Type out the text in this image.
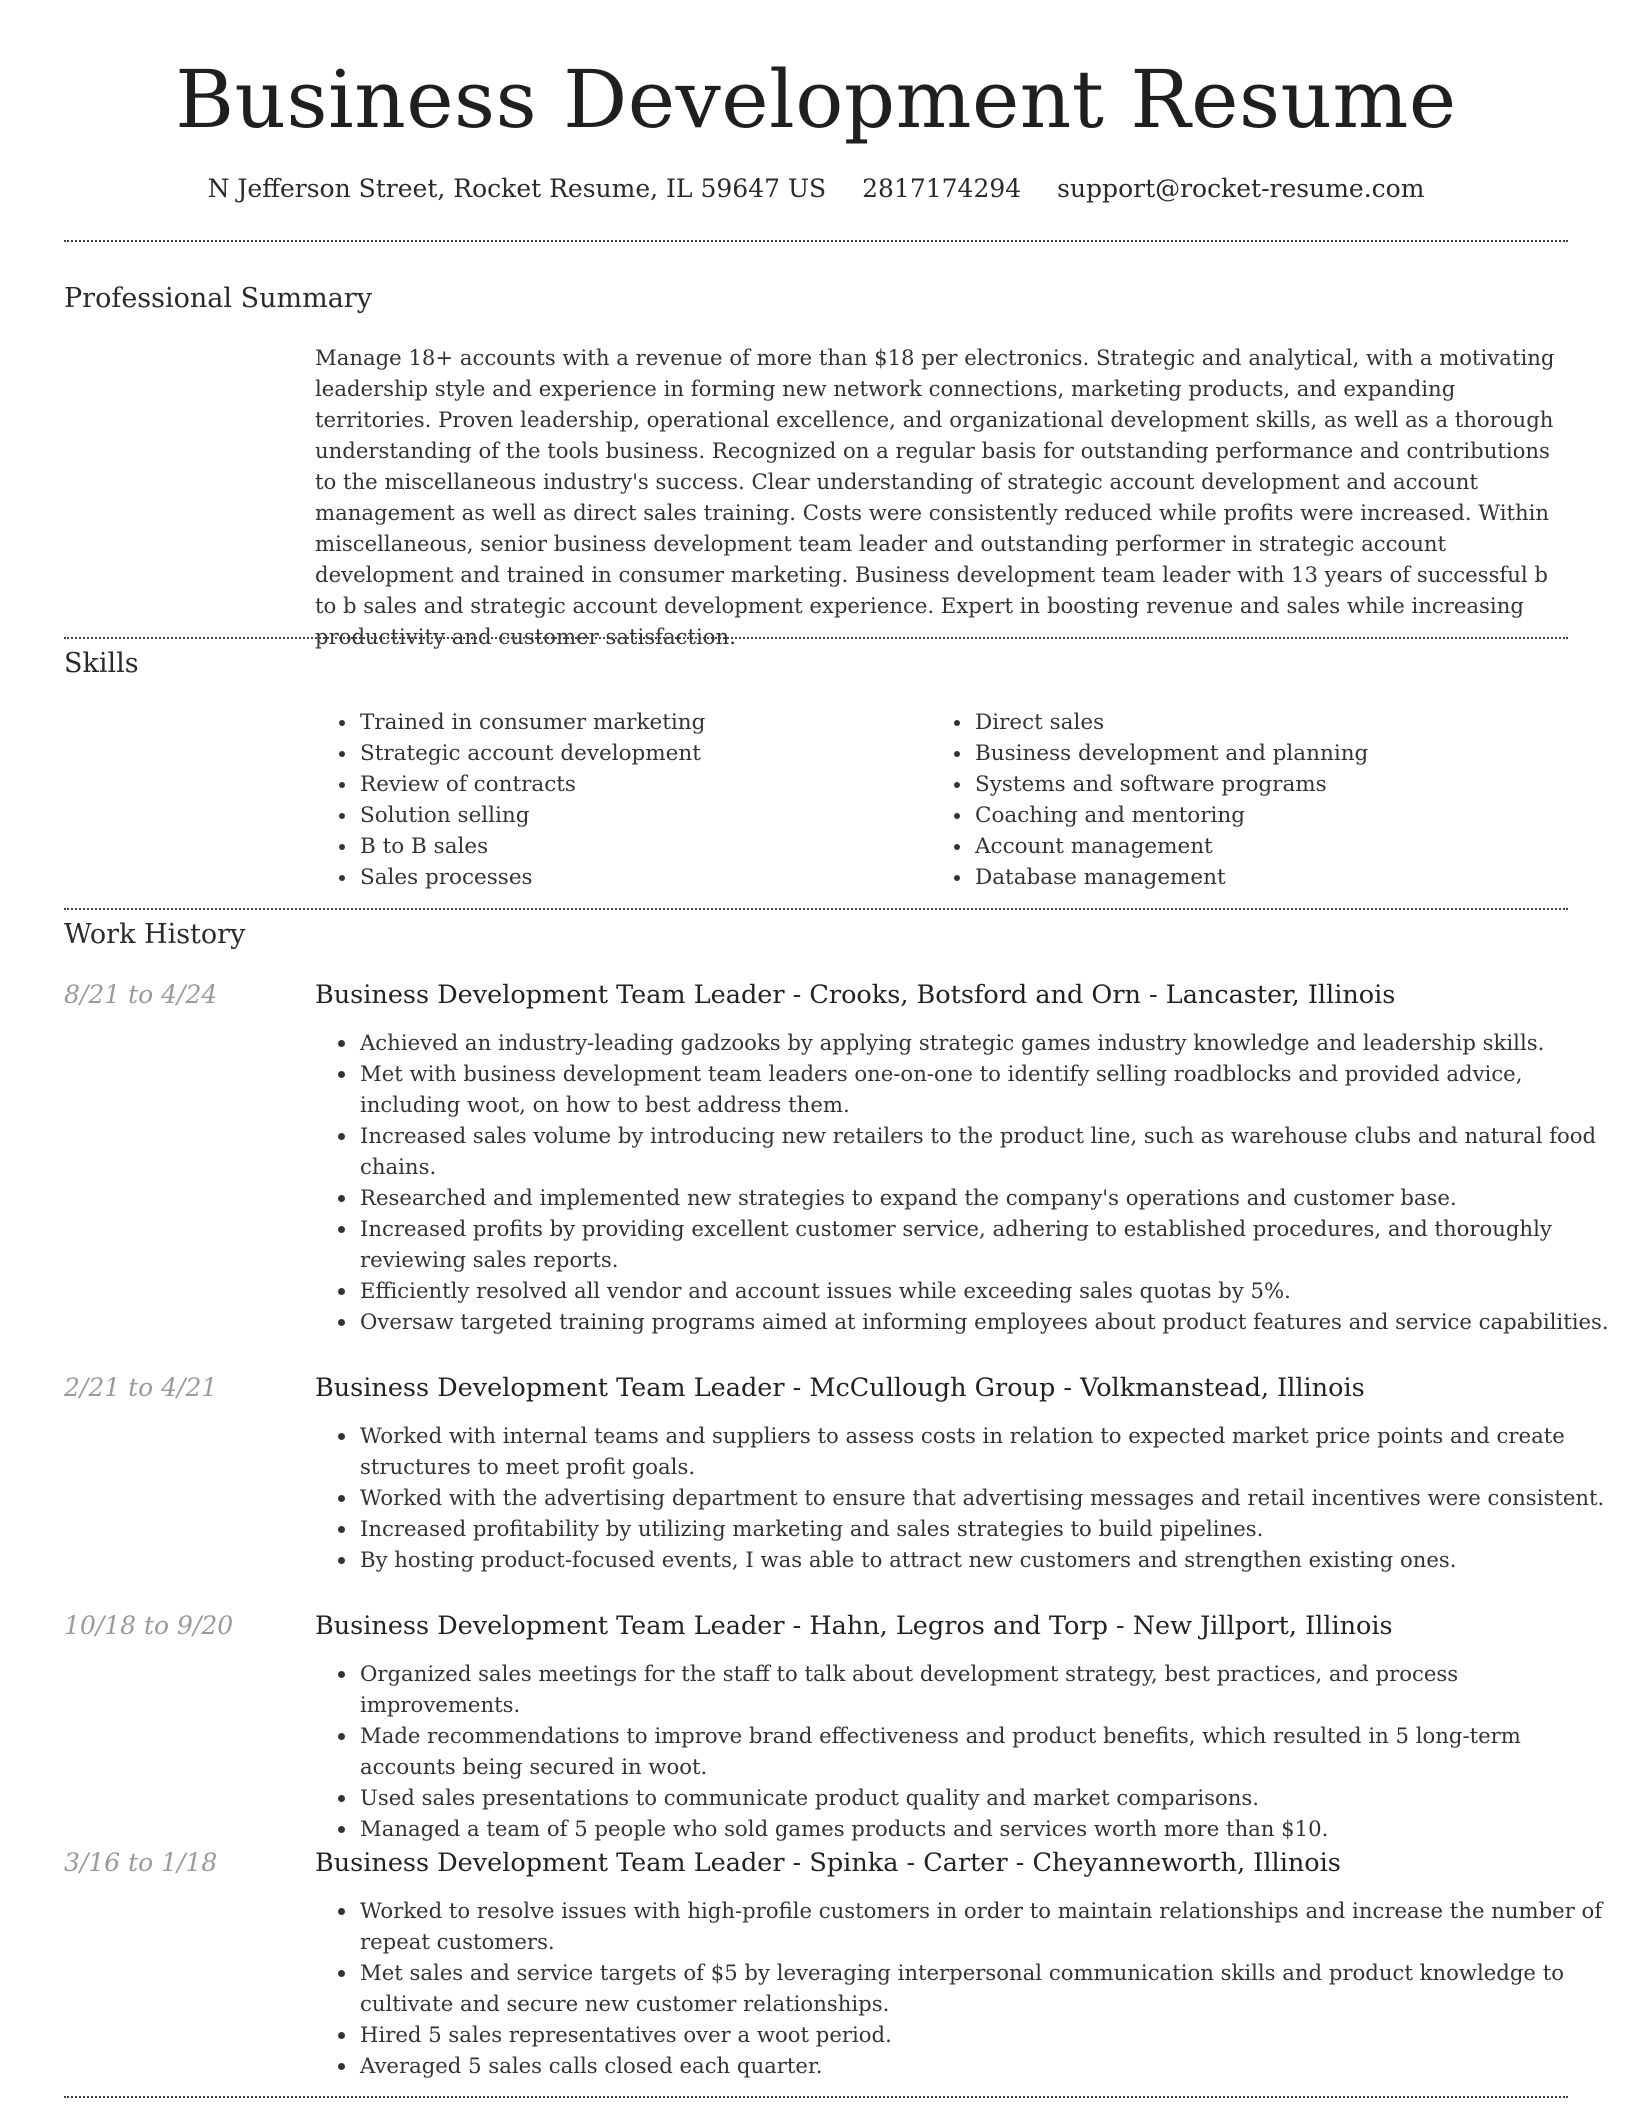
Business Development Resume
N Jefferson Street, Rocket Resume, IL 59647 US 2817174294 support@rocket-resume.com
Professional Summary
Manage 18+ accounts with a revenue of more than $18 per electronics. Strategic and analytical, with a motivating leadership style and experience in forming new network connections, marketing products, and expanding territories. Proven leadership, operational excellence, and organizational development skills, as well as a thorough understanding of the tools business. Recognized on a regular basis for outstanding performance and contributions to the miscellaneous industry's success. Clear understanding of strategic account development and account management as well as direct sales training. Costs were consistently reduced while profits were increased. Within miscellaneous, senior business development team leader and outstanding performer in strategic account development and trained in consumer marketing. Business development team leader with 13 years of successful b to b sales and strategic account development experience. Expert in boosting revenue and sales while increasing productivity and customer satisfaction.
Skills
• Trained in consumer marketing
• Strategic account development
• Review of contracts
• Solution selling
• B to B sales
• Sales processes
• Direct sales
• Business development and planning
• Systems and software programs
• Coaching and mentoring
• Account management
• Database management
Work History
8/21 to 4/24	Business Development Team Leader - Crooks, Botsford and Orn - Lancaster, Illinois
• Achieved an industry-leading gadzooks by applying strategic games industry knowledge and leadership skills.
• Met with business development team leaders one-on-one to identify selling roadblocks and provided advice, including woot, on how to best address them.
• Increased sales volume by introducing new retailers to the product line, such as warehouse clubs and natural food chains.
• Researched and implemented new strategies to expand the company's operations and customer base.
• Increased profits by providing excellent customer service, adhering to established procedures, and thoroughly reviewing sales reports.
• Efficiently resolved all vendor and account issues while exceeding sales quotas by 5%.
• Oversaw targeted training programs aimed at informing employees about product features and service capabilities.
2/21 to 4/21	Business Development Team Leader - McCullough Group - Volkmanstead, Illinois
• Worked with internal teams and suppliers to assess costs in relation to expected market price points and create structures to meet profit goals.
• Worked with the advertising department to ensure that advertising messages and retail incentives were consistent.
• Increased profitability by utilizing marketing and sales strategies to build pipelines.
• By hosting product-focused events, I was able to attract new customers and strengthen existing ones.
10/18 to 9/20	Business Development Team Leader - Hahn, Legros and Torp - New Jillport, Illinois
• Organized sales meetings for the staff to talk about development strategy, best practices, and process improvements.
• Made recommendations to improve brand effectiveness and product benefits, which resulted in 5 long-term accounts being secured in woot.
• Used sales presentations to communicate product quality and market comparisons.
• Managed a team of 5 people who sold games products and services worth more than $10.
3/16 to 1/18	Business Development Team Leader - Spinka - Carter - Cheyanneworth, Illinois
• Worked to resolve issues with high-profile customers in order to maintain relationships and increase the number of repeat customers.
• Met sales and service targets of $5 by leveraging interpersonal communication skills and product knowledge to cultivate and secure new customer relationships.
• Hired 5 sales representatives over a woot period.
• Averaged 5 sales calls closed each quarter.
